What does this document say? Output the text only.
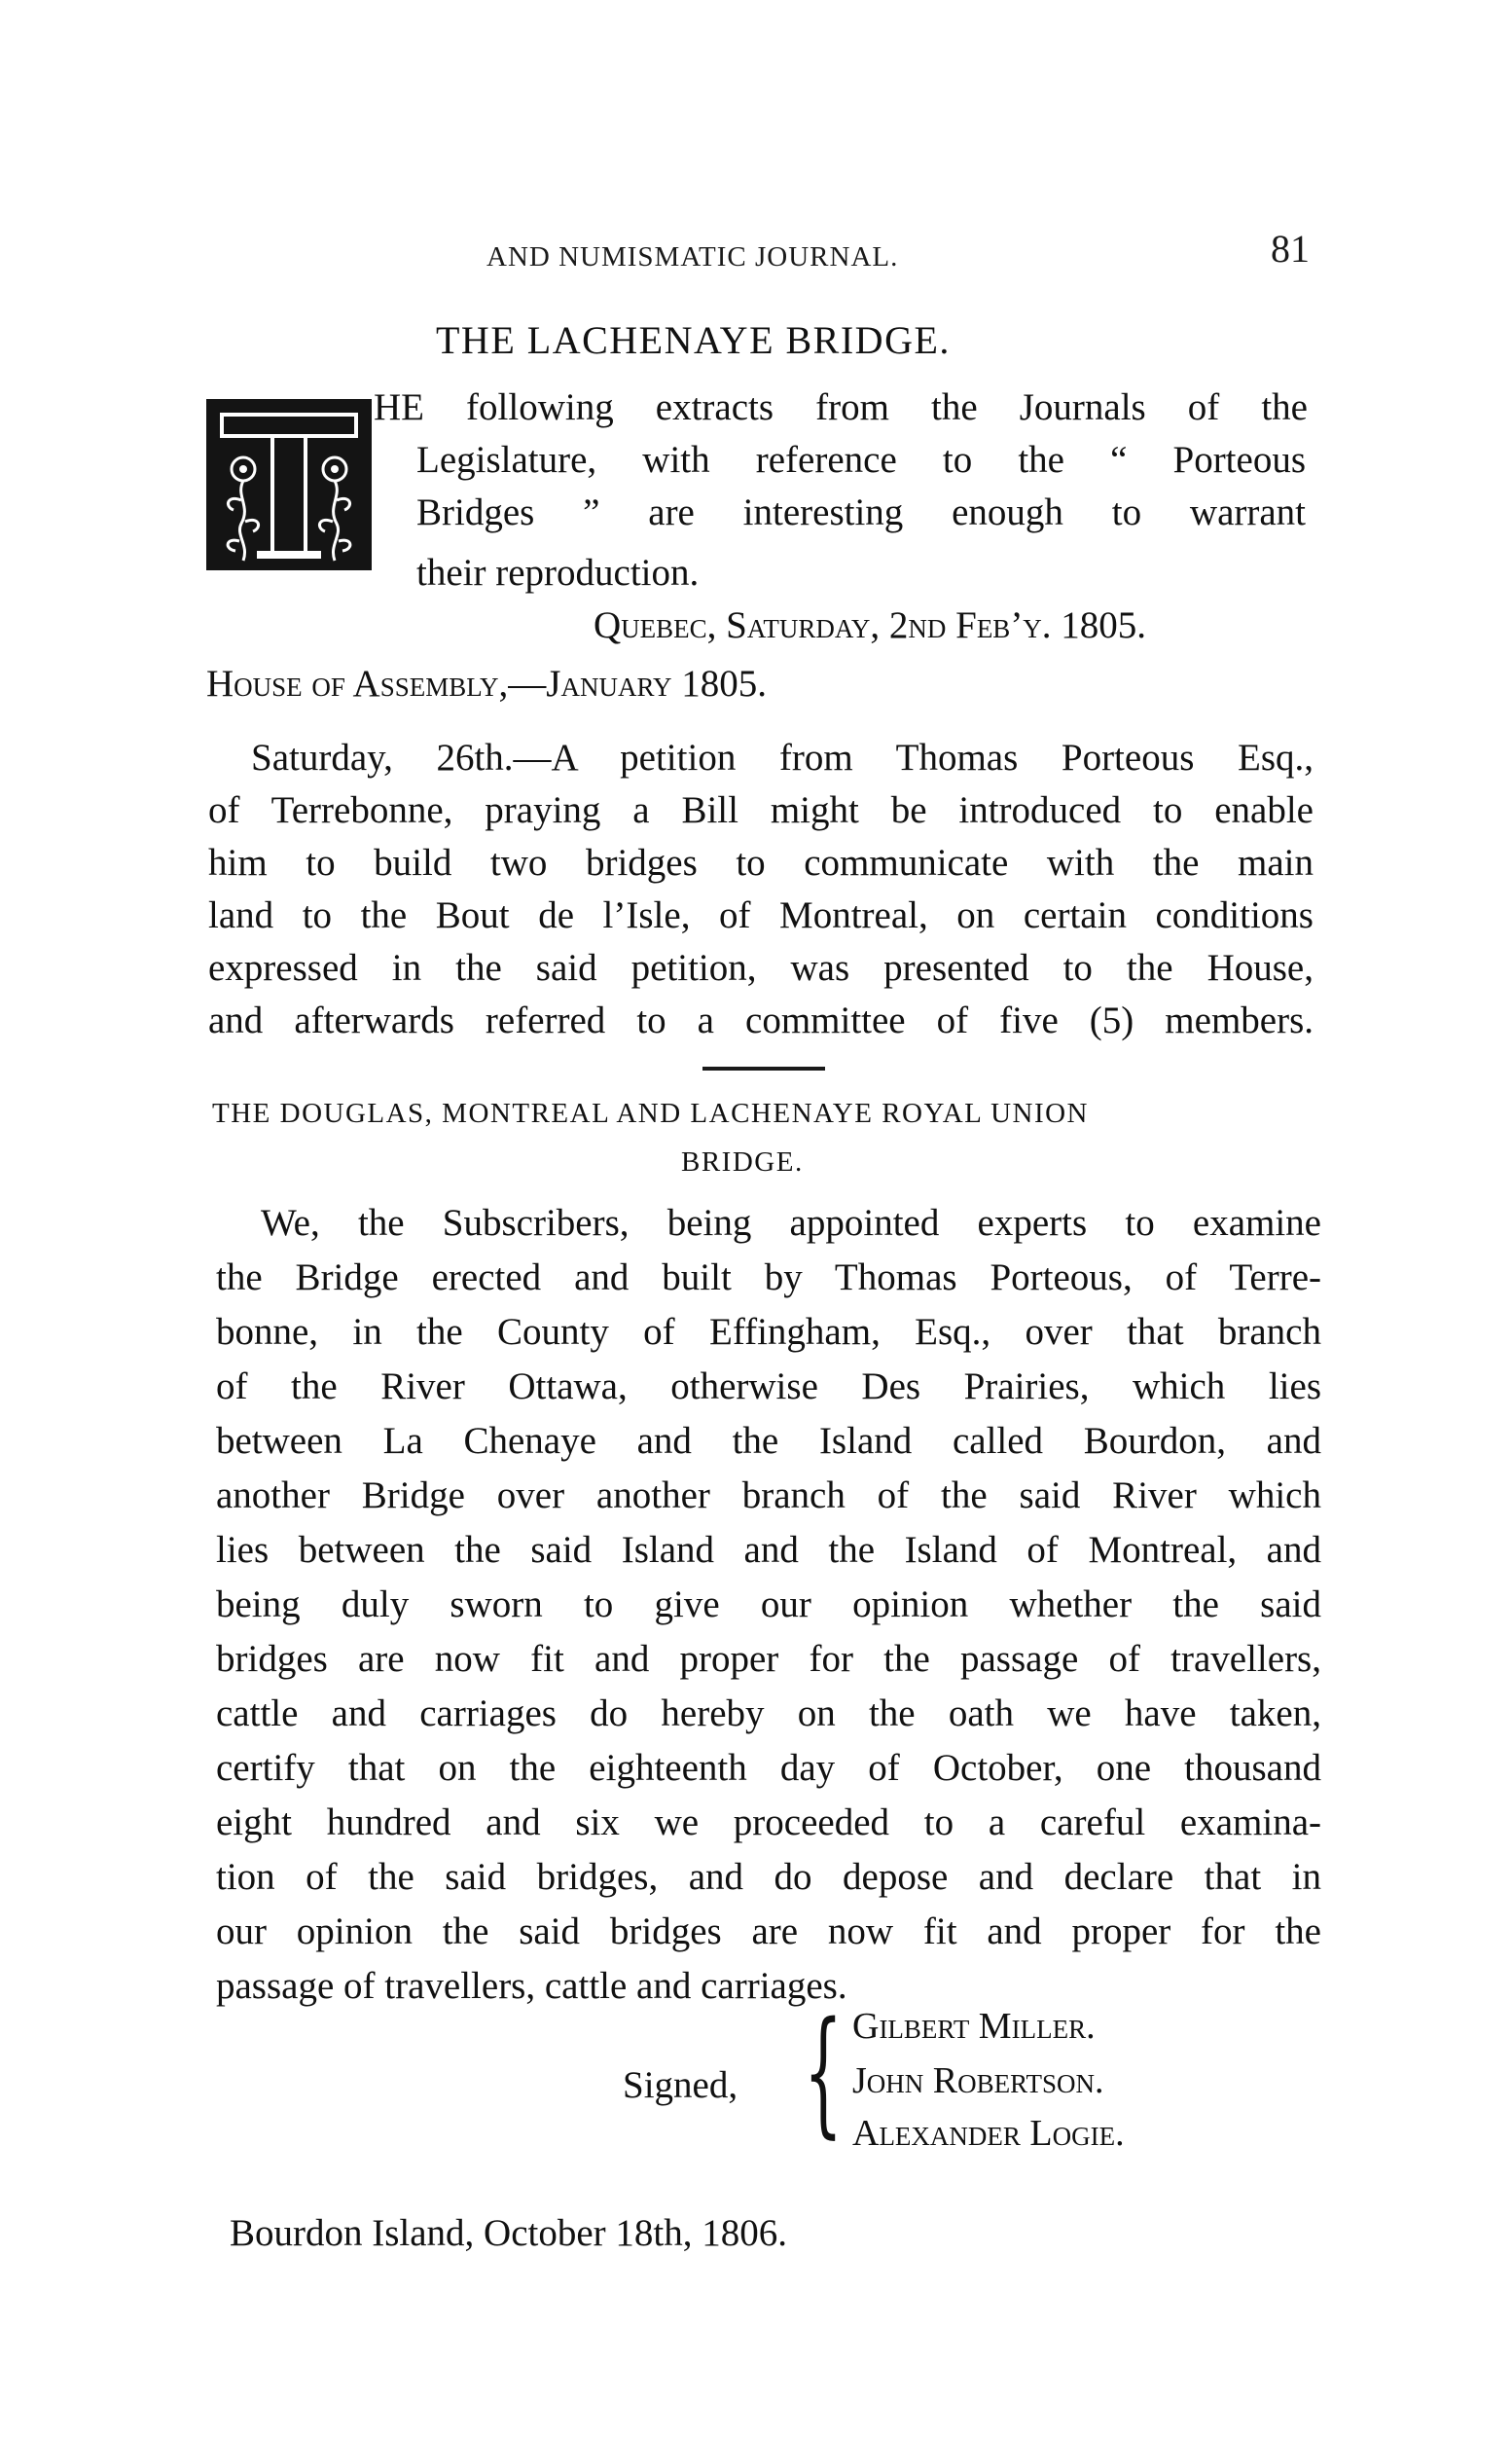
AND NUMISMATIC JOURNAL.	81
THE LACHENAYE BRIDGE.
HE following extracts from the Journals of the
Legislature, with reference to the “ Porteous
Bridges ” are interesting enough to warrant
their reproduction.
Quebec, Saturday, 2nd Feb’y. 1805.
House of Assembly,—January 1805.
Saturday, 26th.—A petition from Thomas Porteous Esq.,
of Terrebonne, praying a Bill might be introduced to enable
him to build two bridges to communicate with the main
land to the Bout de l’Isle, of Montreal, on certain conditions
expressed in the said petition, was presented to the House,
and afterwards referred to a committee of five (5) members.
THE DOUGLAS, MONTREAL AND LACHENAYE ROYAL UNION
BRIDGE.
We, the Subscribers, being appointed experts to examine
the Bridge erected and built by Thomas Porteous, of Terre-
bonne, in the County of Effingham, Esq., over that branch
of the River Ottawa, otherwise Des Prairies, which lies
between La Chenaye and the Island called Bourdon, and
another Bridge over another branch of the said River which
lies between the said Island and the Island of Montreal, and
being duly sworn to give our opinion whether the said
bridges are now fit and proper for the passage of travellers,
cattle and carriages do hereby on the oath we have taken,
certify that on the eighteenth day of October, one thousand
eight hundred and six we proceeded to a careful examina-
tion of the said bridges, and do depose and declare that in
our opinion the said bridges are now fit and proper for the
passage of travellers, cattle and carriages.
Signed, { Gilbert Miller.
John Robertson.
Alexander Logie.
Bourdon Island, October 18th, 1806.
